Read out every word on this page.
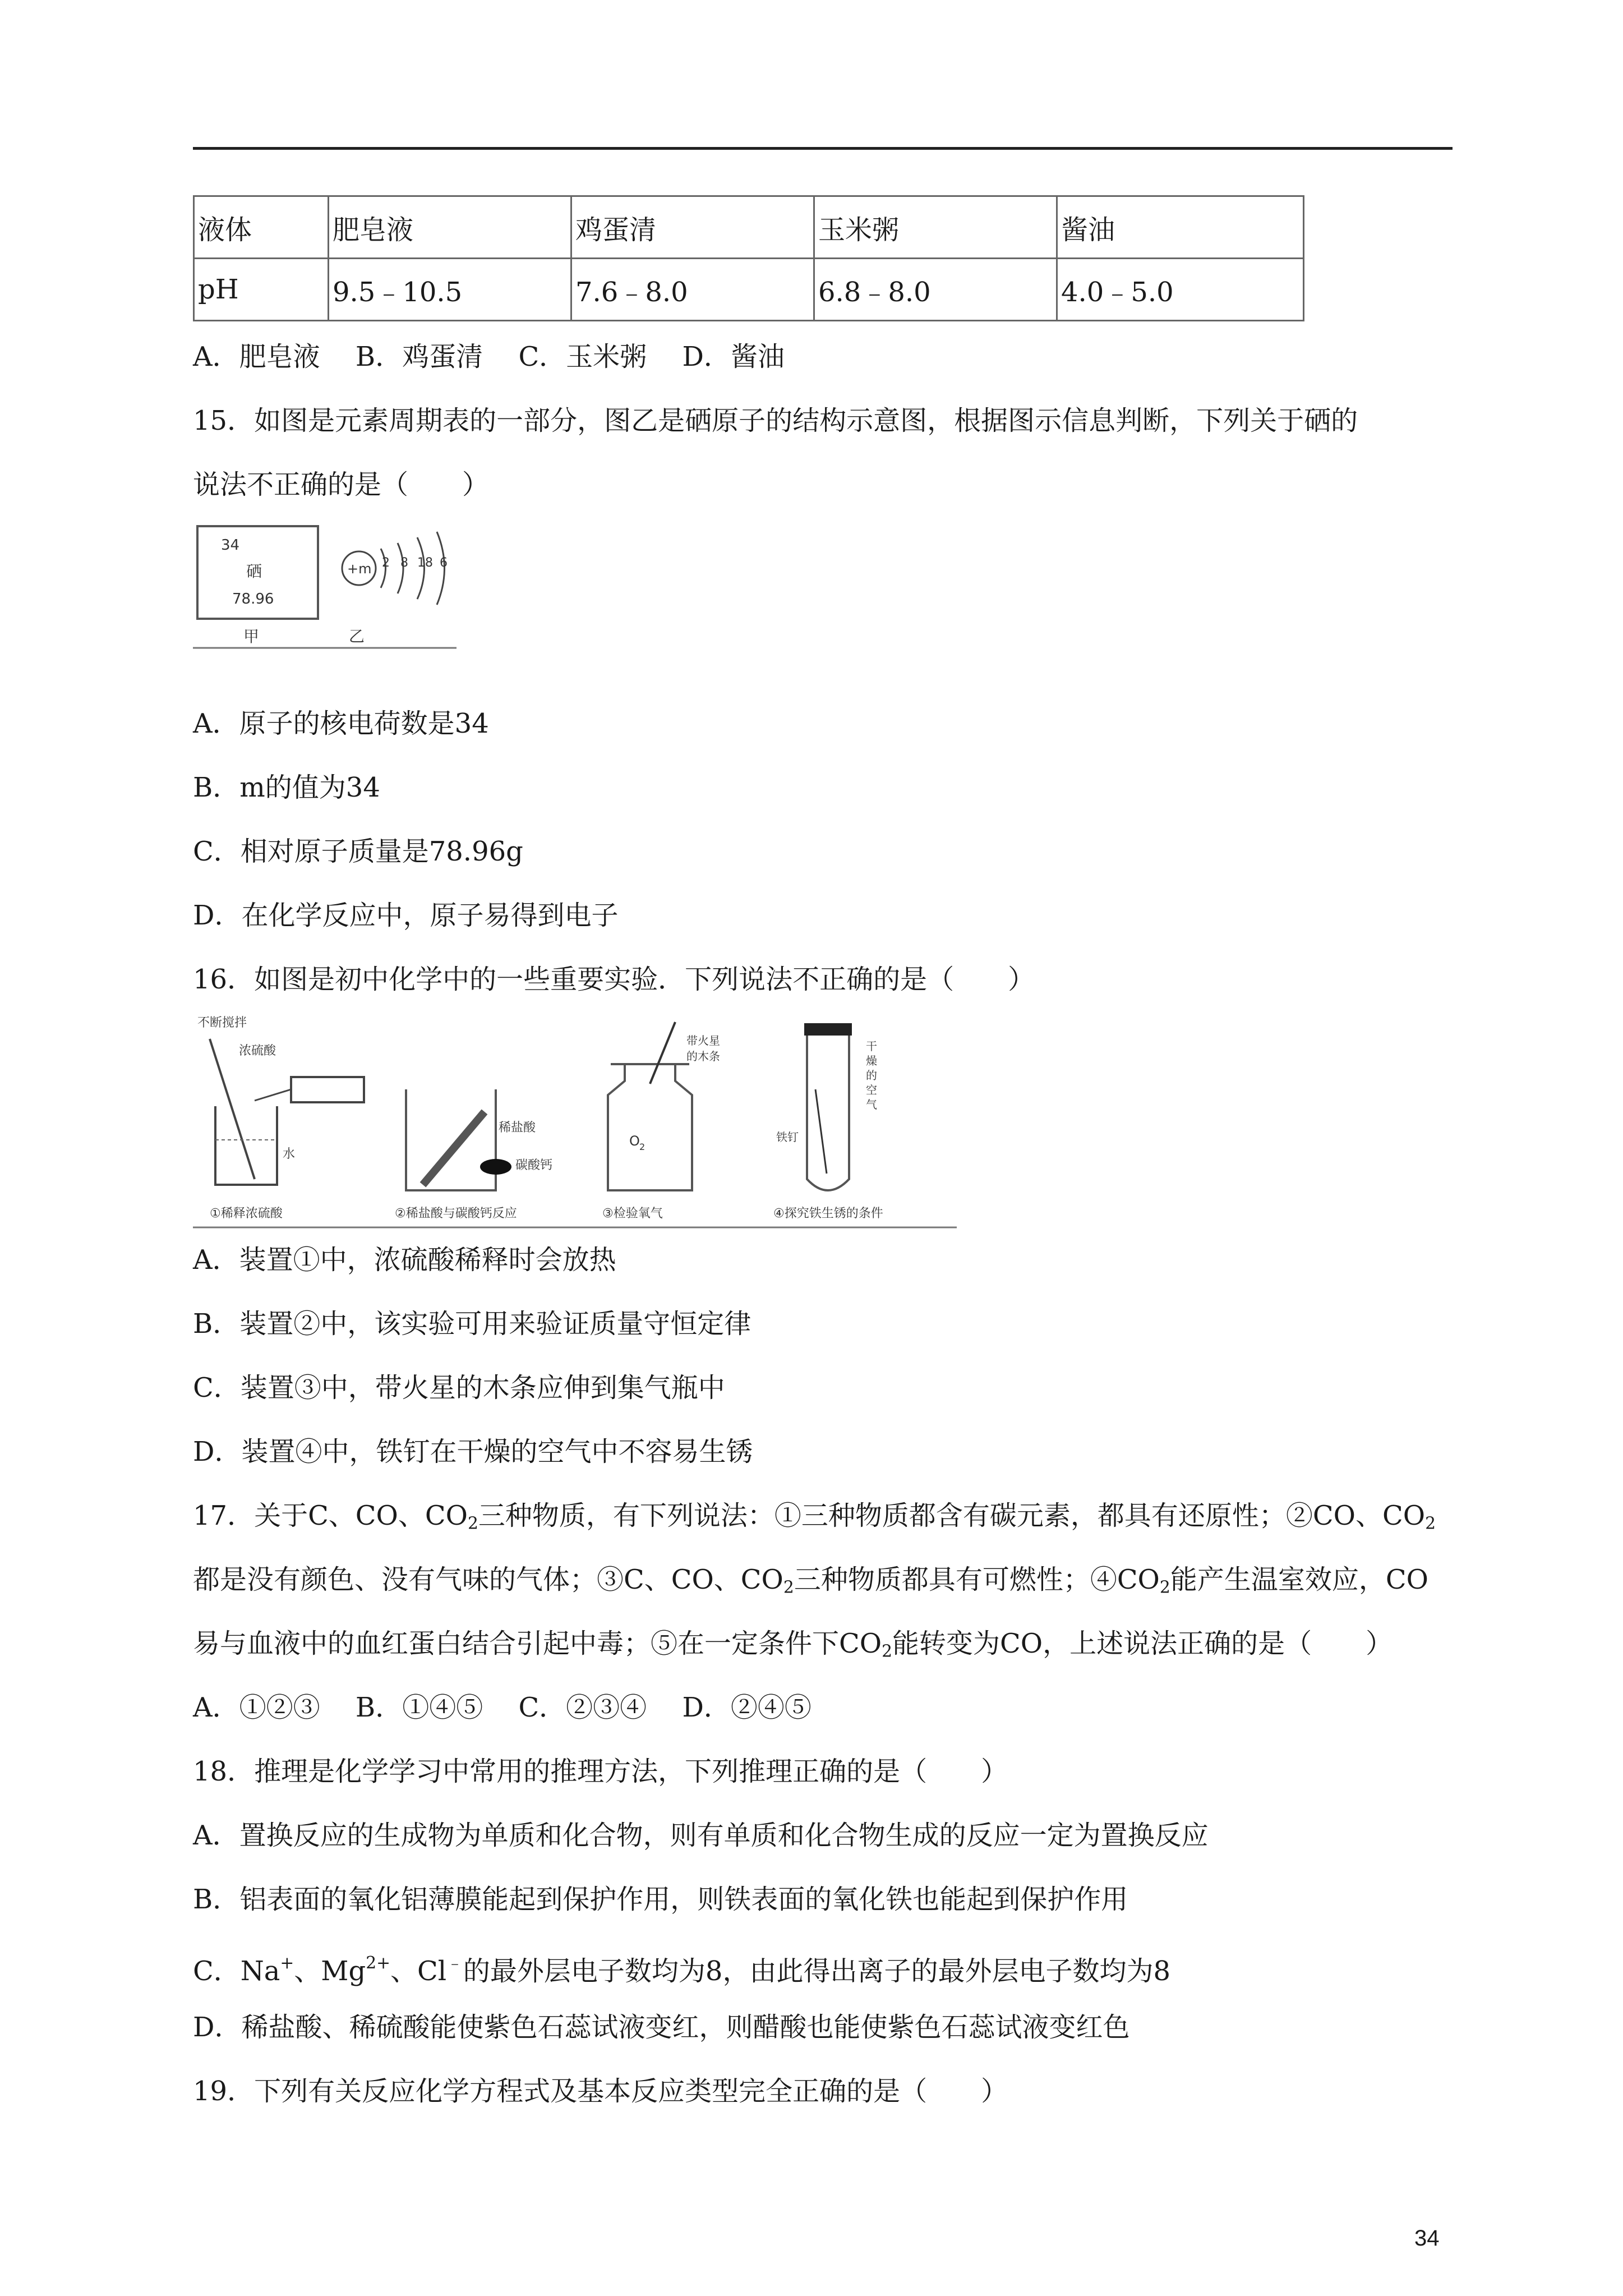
液体	肥皂液	鸡蛋清	玉米粥	酱油
pH	9.5﹣10.5	7.6﹣8.0	6.8﹣8.0	4.0﹣5.0
A．肥皂液　 B．鸡蛋清　 C．玉米粥　 D．酱油
15．如图是元素周期表的一部分，图乙是硒原子的结构示意图，根据图示信息判断，下列关于硒的
说法不正确的是（　　）
34
硒
78.96
+m 2 8 18 6
甲	乙
A．原子的核电荷数是34
B．m的值为34
C．相对原子质量是78.96g
D．在化学反应中，原子易得到电子
16．如图是初中化学中的一些重要实验．下列说法不正确的是（　　）
不断搅拌
浓硫酸
水
①稀释浓硫酸
稀盐酸
碳酸钙
②稀盐酸与碳酸钙反应
带火星
的木条
O 2
③检验氧气
铁钉
干
燥
的
空
气
④探究铁生锈的条件
A．装置①中，浓硫酸稀释时会放热
B．装置②中，该实验可用来验证质量守恒定律
C．装置③中，带火星的木条应伸到集气瓶中
D．装置④中，铁钉在干燥的空气中不容易生锈
17．关于C、CO、$CO_2$三种物质，有下列说法：①三种物质都含有碳元素，都具有还原性；②CO、$CO_2$
都是没有颜色、没有气味的气体；③C、CO、$CO_2$三种物质都具有可燃性；$④CO_2$能产生温室效应，CO
易与血液中的血红蛋白结合引起中毒；⑤在一定条件下$CO_2$能转变为CO，上述说法正确的是（　　）
A．①②③　 B．①④⑤　 C．②③④　 D．②④⑤
18．推理是化学学习中常用的推理方法，下列推理正确的是（　　）
A．置换反应的生成物为单质和化合物，则有单质和化合物生成的反应一定为置换反应
B．铝表面的氧化铝薄膜能起到保护作用，则铁表面的氧化铁也能起到保护作用
C．Na+、$Mg^{2+}$、Cl﹣的最外层电子数均为8，由此得出离子的最外层电子数均为8
D．稀盐酸、稀硫酸能使紫色石蕊试液变红，则醋酸也能使紫色石蕊试液变红色
19．下列有关反应化学方程式及基本反应类型完全正确的是（　　）
34
